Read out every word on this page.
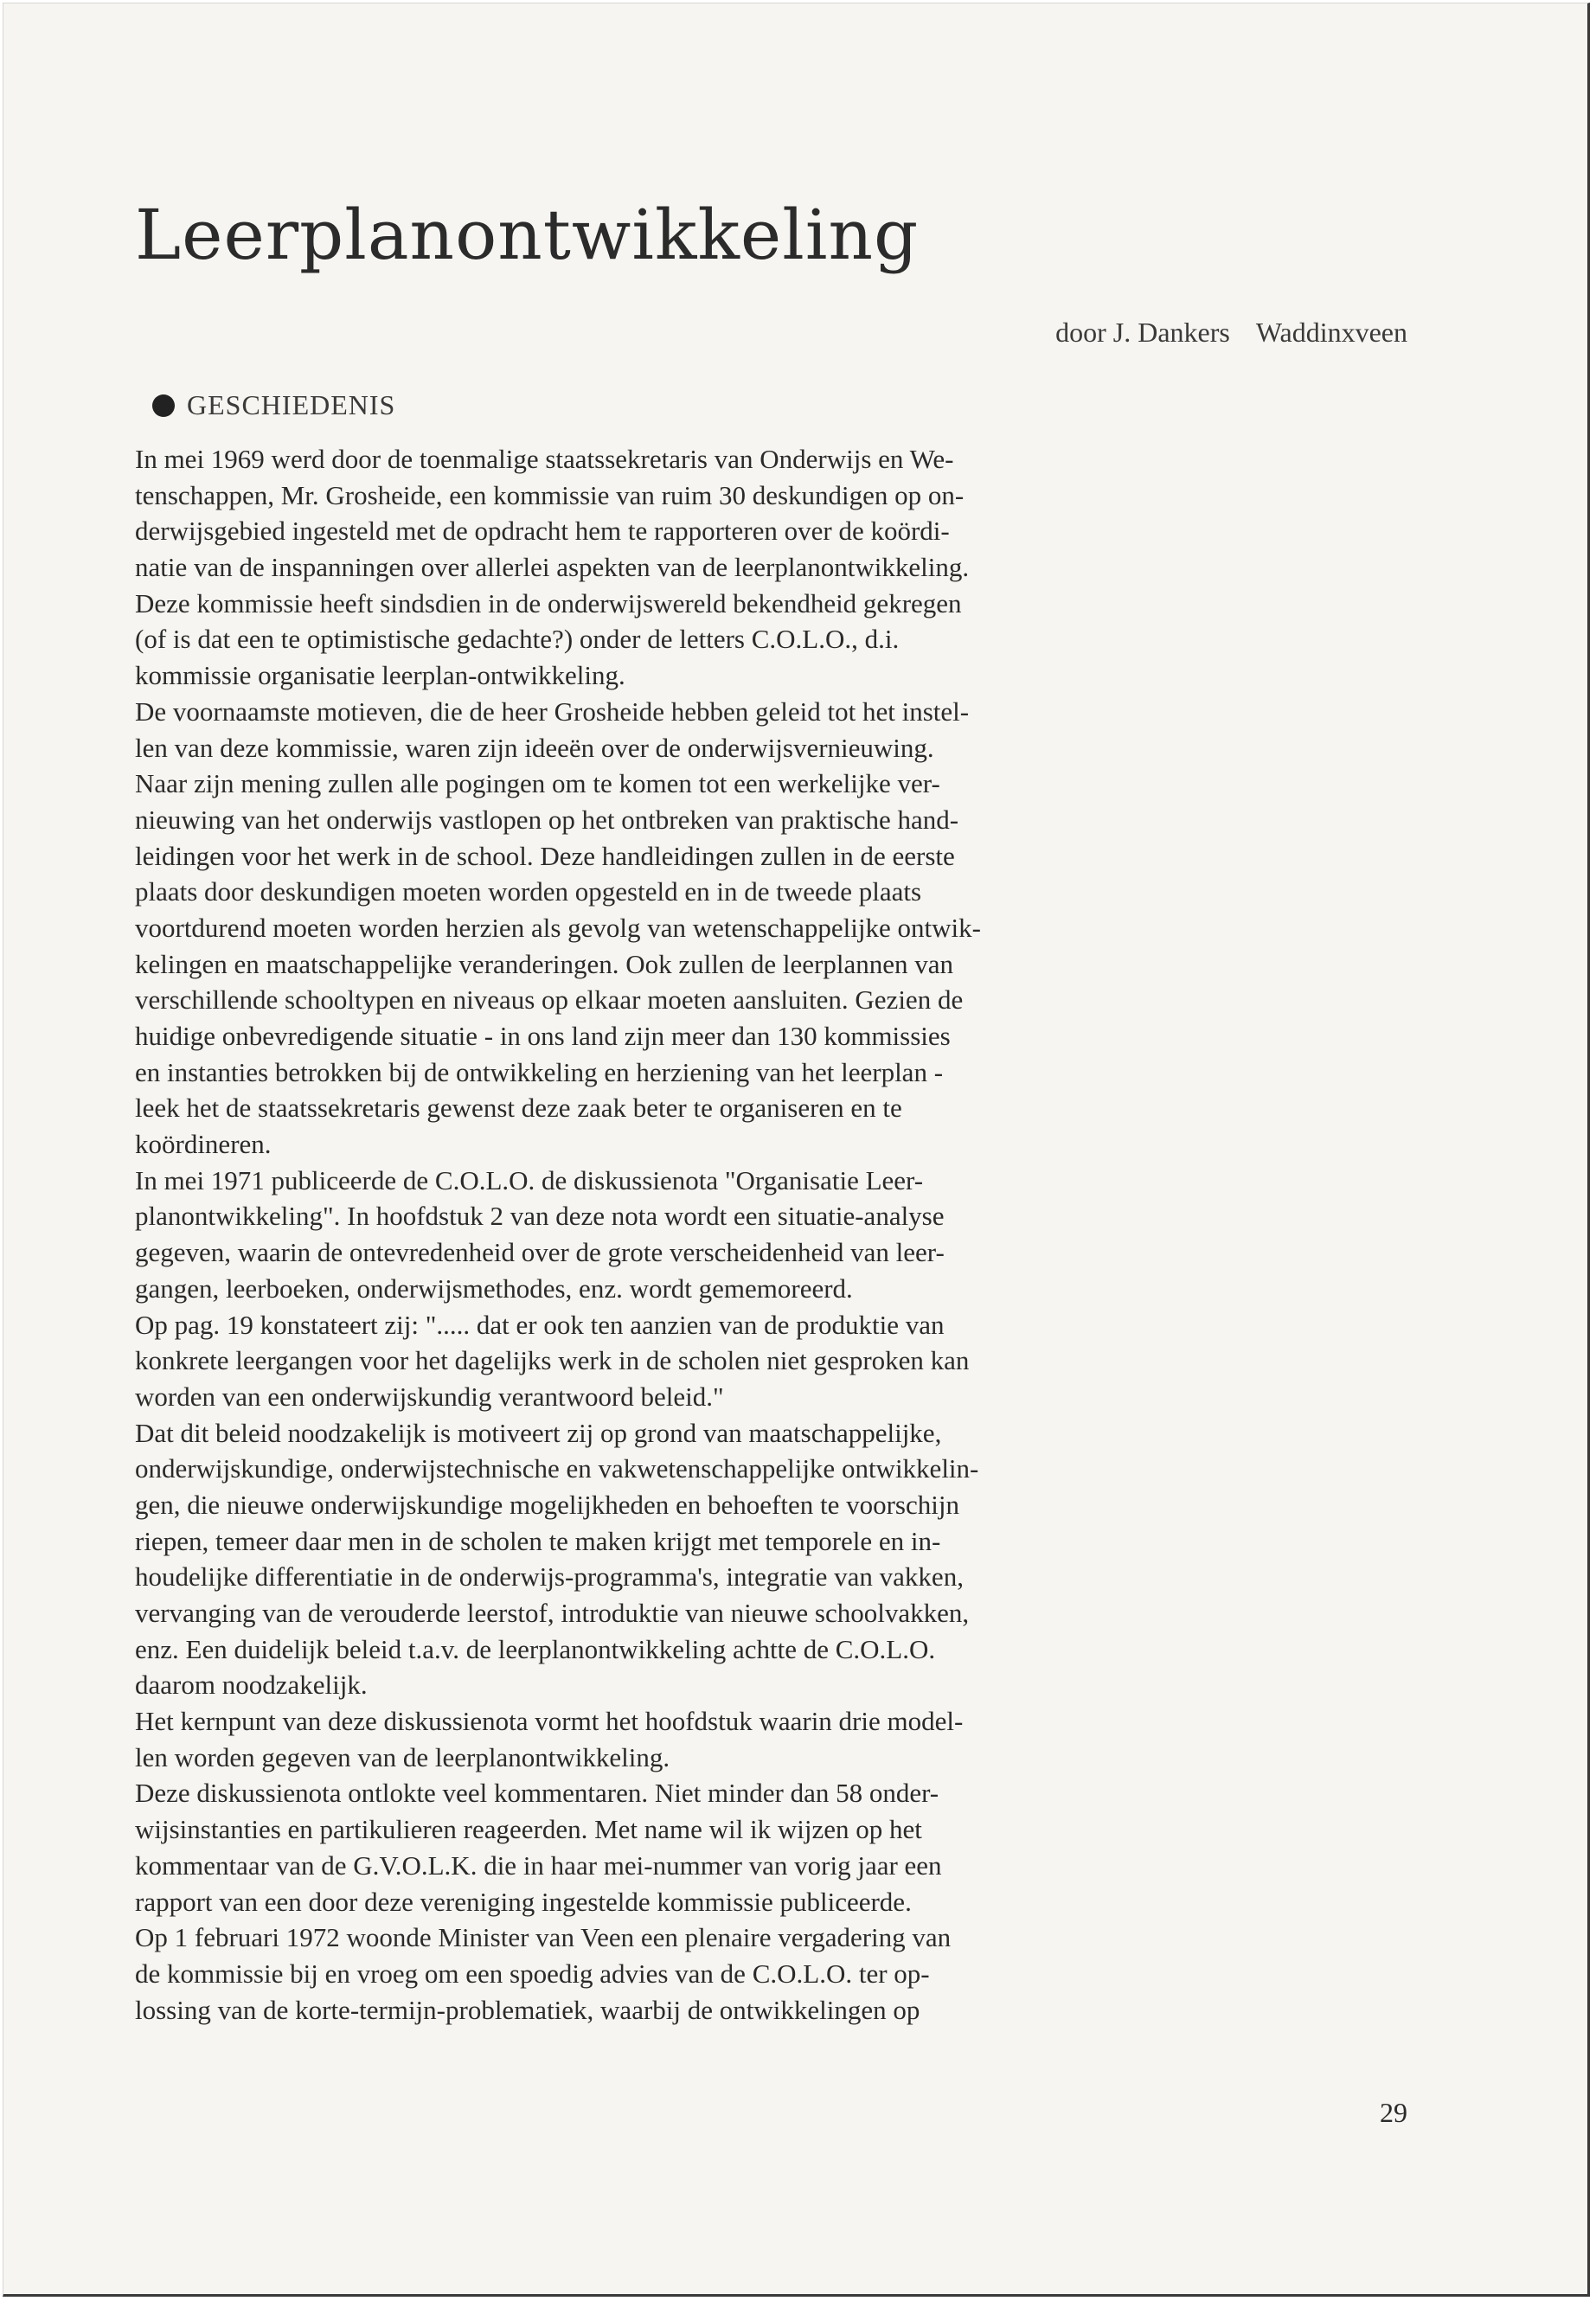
Leerplanontwikkeling
door J. Dankers Waddinxveen
GESCHIEDENIS
In mei 1969 werd door de toenmalige staatssekretaris van Onderwijs en We-
tenschappen, Mr. Grosheide, een kommissie van ruim 30 deskundigen op on-
derwijsgebied ingesteld met de opdracht hem te rapporteren over de koördi-
natie van de inspanningen over allerlei aspekten van de leerplanontwikkeling.
Deze kommissie heeft sindsdien in de onderwijswereld bekendheid gekregen
(of is dat een te optimistische gedachte?) onder de letters C.O.L.O., d.i.
kommissie organisatie leerplan-ontwikkeling.
De voornaamste motieven, die de heer Grosheide hebben geleid tot het instel-
len van deze kommissie, waren zijn ideeën over de onderwijsvernieuwing.
Naar zijn mening zullen alle pogingen om te komen tot een werkelijke ver-
nieuwing van het onderwijs vastlopen op het ontbreken van praktische hand-
leidingen voor het werk in de school. Deze handleidingen zullen in de eerste
plaats door deskundigen moeten worden opgesteld en in de tweede plaats
voortdurend moeten worden herzien als gevolg van wetenschappelijke ontwik-
kelingen en maatschappelijke veranderingen. Ook zullen de leerplannen van
verschillende schooltypen en niveaus op elkaar moeten aansluiten. Gezien de
huidige onbevredigende situatie - in ons land zijn meer dan 130 kommissies
en instanties betrokken bij de ontwikkeling en herziening van het leerplan -
leek het de staatssekretaris gewenst deze zaak beter te organiseren en te
koördineren.
In mei 1971 publiceerde de C.O.L.O. de diskussienota "Organisatie Leer-
planontwikkeling". In hoofdstuk 2 van deze nota wordt een situatie-analyse
gegeven, waarin de ontevredenheid over de grote verscheidenheid van leer-
gangen, leerboeken, onderwijsmethodes, enz. wordt gememoreerd.
Op pag. 19 konstateert zij: "..... dat er ook ten aanzien van de produktie van
konkrete leergangen voor het dagelijks werk in de scholen niet gesproken kan
worden van een onderwijskundig verantwoord beleid."
Dat dit beleid noodzakelijk is motiveert zij op grond van maatschappelijke,
onderwijskundige, onderwijstechnische en vakwetenschappelijke ontwikkelin-
gen, die nieuwe onderwijskundige mogelijkheden en behoeften te voorschijn
riepen, temeer daar men in de scholen te maken krijgt met temporele en in-
houdelijke differentiatie in de onderwijs-programma's, integratie van vakken,
vervanging van de verouderde leerstof, introduktie van nieuwe schoolvakken,
enz. Een duidelijk beleid t.a.v. de leerplanontwikkeling achtte de C.O.L.O.
daarom noodzakelijk.
Het kernpunt van deze diskussienota vormt het hoofdstuk waarin drie model-
len worden gegeven van de leerplanontwikkeling.
Deze diskussienota ontlokte veel kommentaren. Niet minder dan 58 onder-
wijsinstanties en partikulieren reageerden. Met name wil ik wijzen op het
kommentaar van de G.V.O.L.K. die in haar mei-nummer van vorig jaar een
rapport van een door deze vereniging ingestelde kommissie publiceerde.
Op 1 februari 1972 woonde Minister van Veen een plenaire vergadering van
de kommissie bij en vroeg om een spoedig advies van de C.O.L.O. ter op-
lossing van de korte-termijn-problematiek, waarbij de ontwikkelingen op
29
